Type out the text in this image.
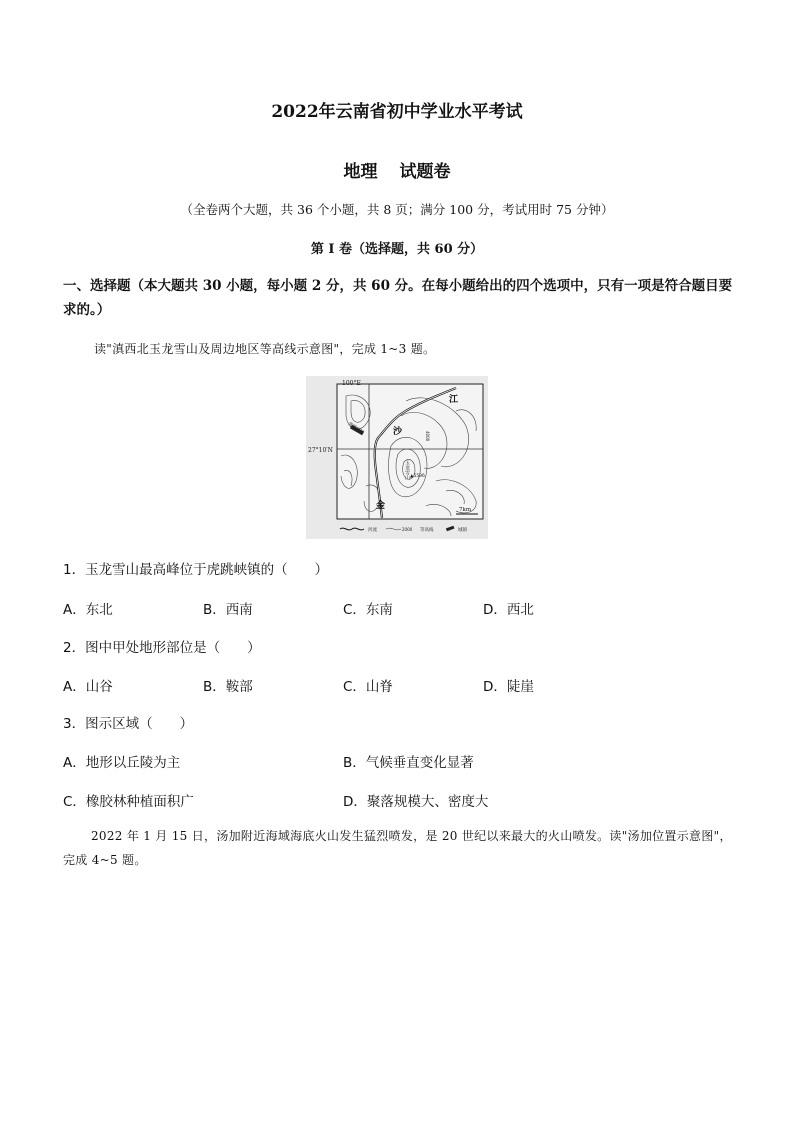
2022年云南省初中学业水平考试
地理 试题卷
（全卷两个大题，共 36 个小题，共 8 页；满分 100 分，考试用时 75 分钟）
第 I 卷（选择题，共 60 分）
一、选择题（本大题共 30 小题，每小题 2 分，共 60 分。在每小题给出的四个选项中，只有一项是符合题目要求的。）
读"滇西北玉龙雪山及周边地区等高线示意图"，完成 1~3 题。
100°E
27°10′N
江
沙
金
虎跳峡镇
玉龙雪山 ▲5596
4000
7km
河流	2000 等高线	城镇
1．玉龙雪山最高峰位于虎跳峡镇的（　　）
A．东北	B．西南	C．东南	D．西北
2．图中甲处地形部位是（　　）
A．山谷	B．鞍部	C．山脊	D．陡崖
3．图示区域（　　）
A．地形以丘陵为主	B．气候垂直变化显著
C．橡胶林种植面积广	D．聚落规模大、密度大
2022 年 1 月 15 日，汤加附近海域海底火山发生猛烈喷发，是 20 世纪以来最大的火山喷发。读"汤加位置示意图"，完成 4~5 题。
